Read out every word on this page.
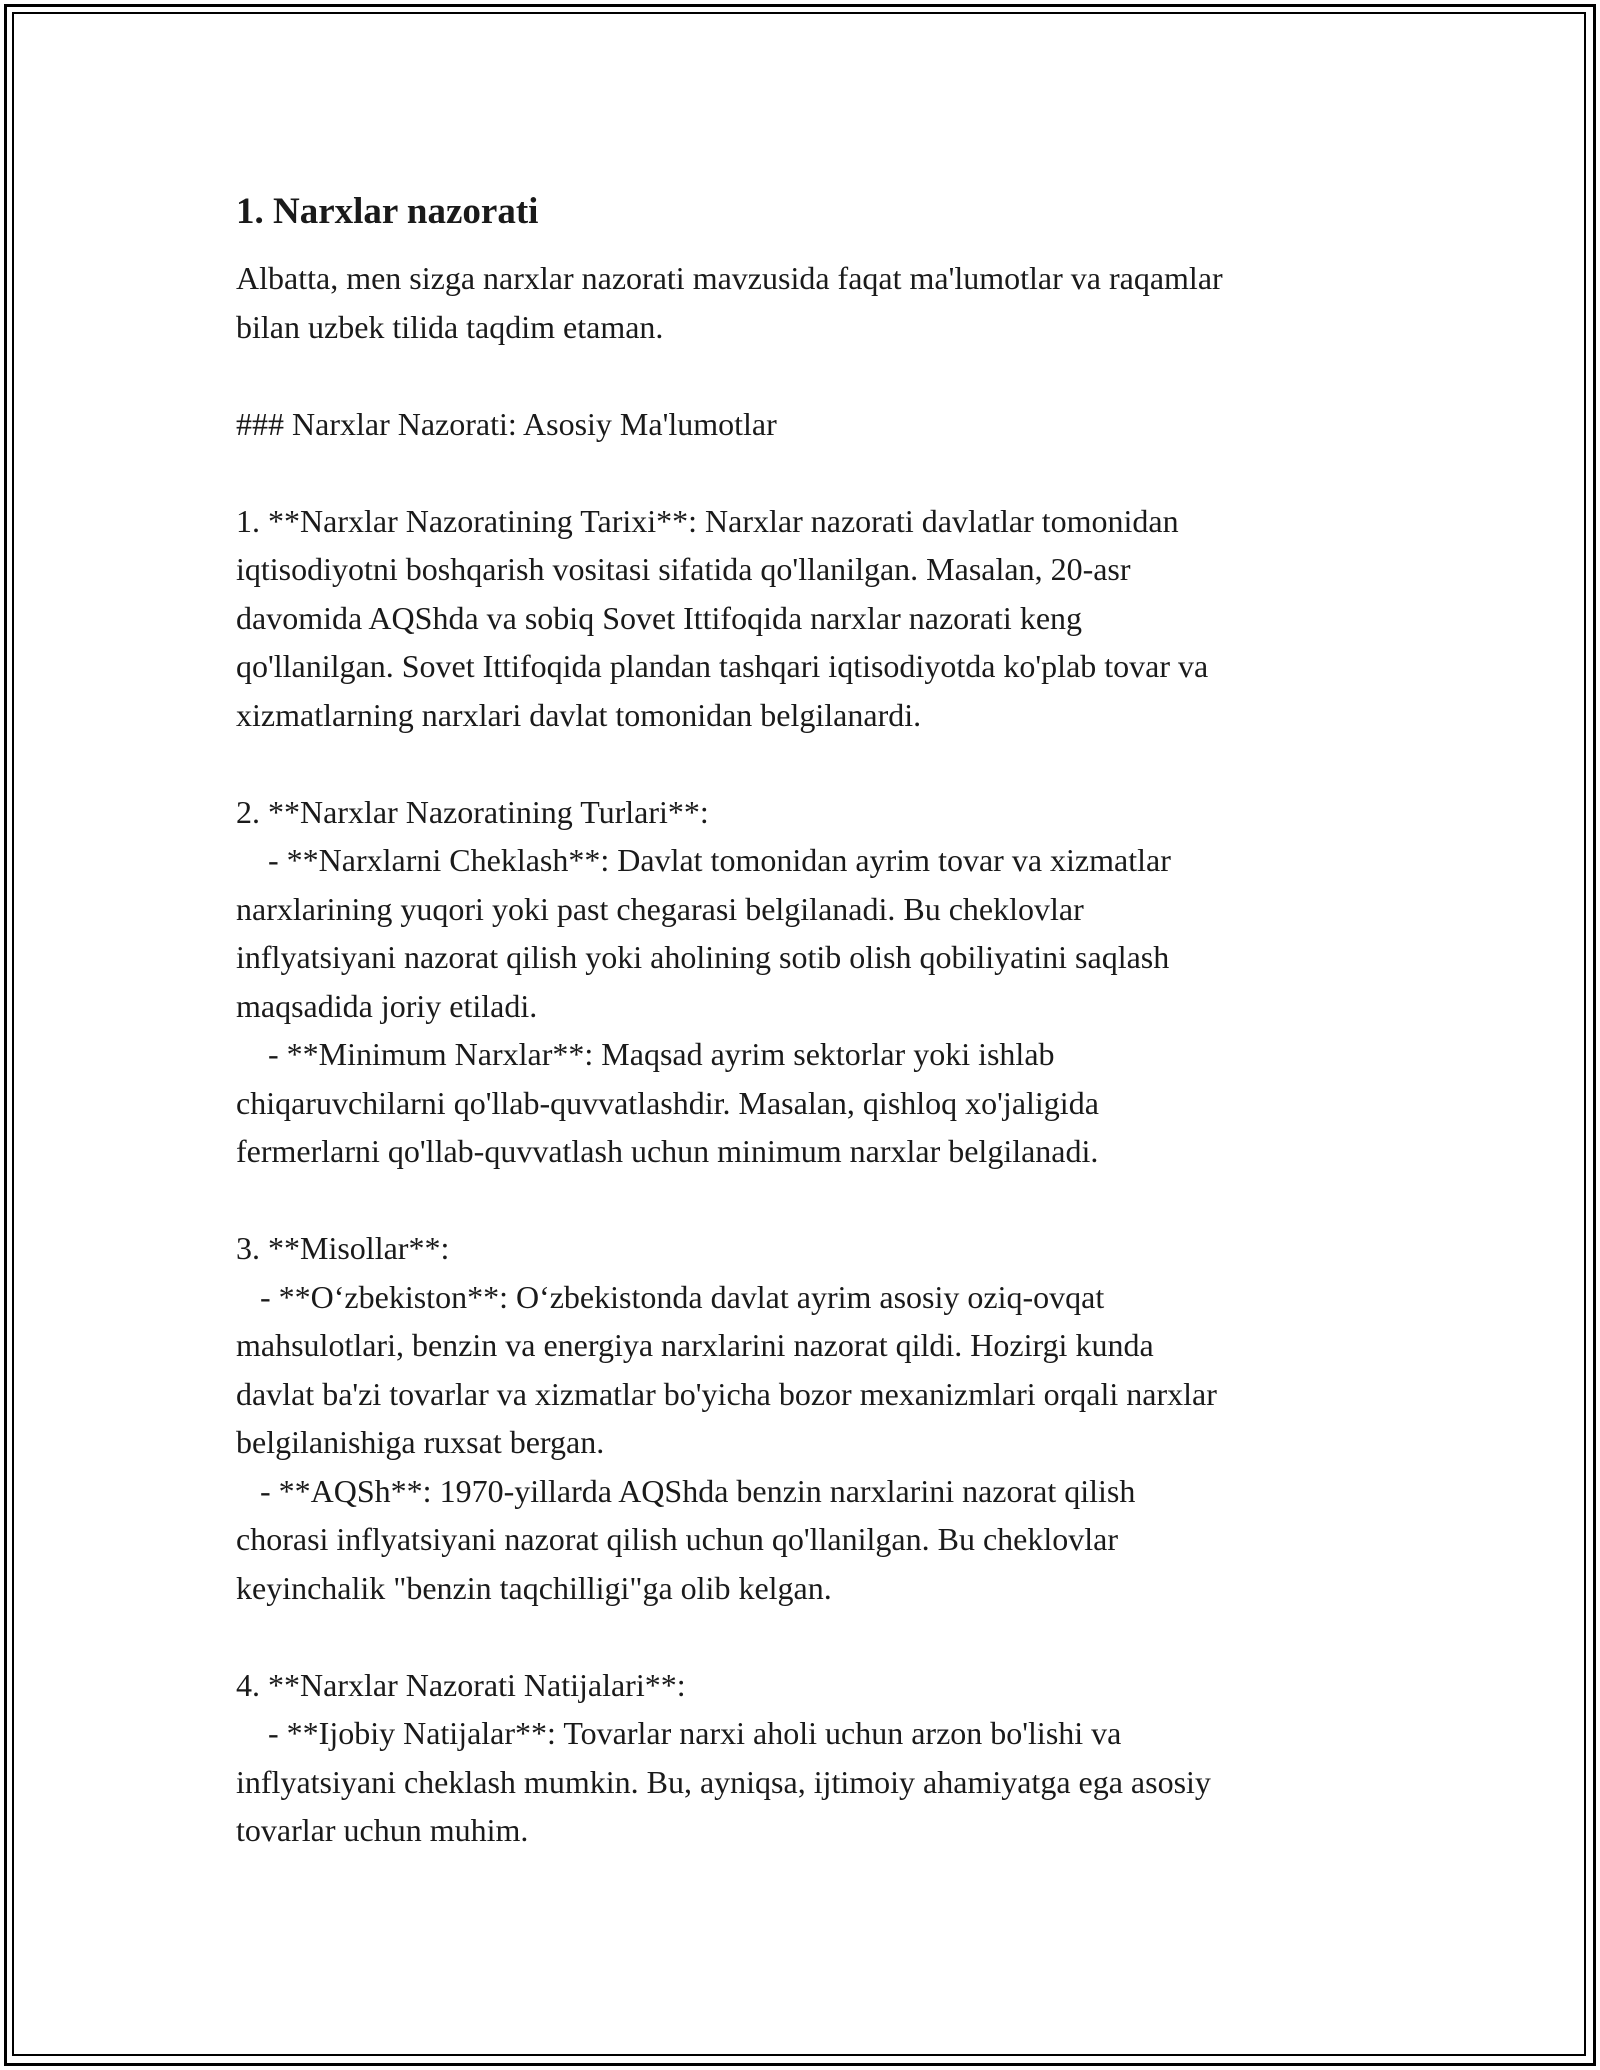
1. Narxlar nazorati
Albatta, men sizga narxlar nazorati mavzusida faqat ma'lumotlar va raqamlar
bilan uzbek tilida taqdim etaman.
### Narxlar Nazorati: Asosiy Ma'lumotlar
1. **Narxlar Nazoratining Tarixi**: Narxlar nazorati davlatlar tomonidan
iqtisodiyotni boshqarish vositasi sifatida qo'llanilgan. Masalan, 20-asr
davomida AQShda va sobiq Sovet Ittifoqida narxlar nazorati keng
qo'llanilgan. Sovet Ittifoqida plandan tashqari iqtisodiyotda ko'plab tovar va
xizmatlarning narxlari davlat tomonidan belgilanardi.
2. **Narxlar Nazoratining Turlari**:
- **Narxlarni Cheklash**: Davlat tomonidan ayrim tovar va xizmatlar
narxlarining yuqori yoki past chegarasi belgilanadi. Bu cheklovlar
inflyatsiyani nazorat qilish yoki aholining sotib olish qobiliyatini saqlash
maqsadida joriy etiladi.
- **Minimum Narxlar**: Maqsad ayrim sektorlar yoki ishlab
chiqaruvchilarni qo'llab-quvvatlashdir. Masalan, qishloq xo'jaligida
fermerlarni qo'llab-quvvatlash uchun minimum narxlar belgilanadi.
3. **Misollar**:
- **O‘zbekiston**: O‘zbekistonda davlat ayrim asosiy oziq-ovqat
mahsulotlari, benzin va energiya narxlarini nazorat qildi. Hozirgi kunda
davlat ba'zi tovarlar va xizmatlar bo'yicha bozor mexanizmlari orqali narxlar
belgilanishiga ruxsat bergan.
- **AQSh**: 1970-yillarda AQShda benzin narxlarini nazorat qilish
chorasi inflyatsiyani nazorat qilish uchun qo'llanilgan. Bu cheklovlar
keyinchalik "benzin taqchilligi"ga olib kelgan.
4. **Narxlar Nazorati Natijalari**:
- **Ijobiy Natijalar**: Tovarlar narxi aholi uchun arzon bo'lishi va
inflyatsiyani cheklash mumkin. Bu, ayniqsa, ijtimoiy ahamiyatga ega asosiy
tovarlar uchun muhim.
